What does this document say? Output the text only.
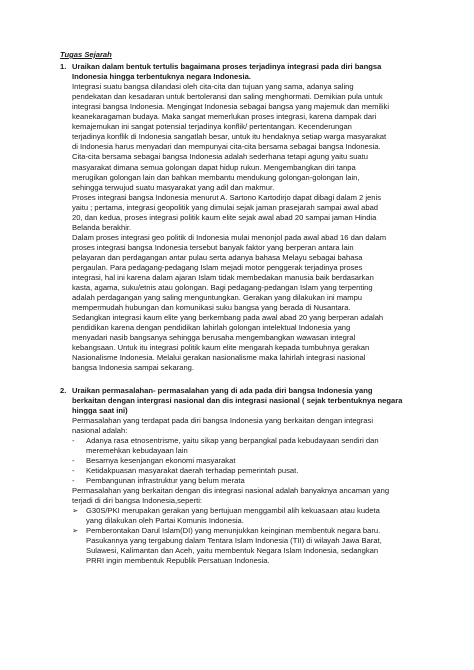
Tugas Sejarah
1. Uraikan dalam bentuk tertulis bagaimana proses terjadinya integrasi pada diri bangsa
Indonesia hingga terbentuknya negara Indonesia.
Integrasi suatu bangsa dilandasi oleh cita-cita dan tujuan yang sama, adanya saling
pendekatan dan kesadaran untuk bertoleransi dan saling menghormati. Demikian pula untuk
integrasi bangsa Indonesia. Mengingat Indonesia sebagai bangsa yang majemuk dan memiliki
keanekaragaman budaya. Maka sangat memerlukan proses integrasi, karena dampak dari
kemajemukan ini sangat potensial terjadinya konflik/ pertentangan. Kecenderungan
terjadinya konflik di Indonesia sangatlah besar, untuk itu hendaknya setiap warga masyarakat
di Indonesia harus menyadari dan mempunyai cita-cita bersama sebagai bangsa Indonesia.
Cita-cita bersama sebagai bangsa Indonesia adalah sederhana tetapi agung yaitu suatu
masyarakat dimana semua golongan dapat hidup rukun. Mengembangkan diri tanpa
merugikan golongan lain dan bahkan membantu mendukung golongan-golongan lain,
sehingga terwujud suatu masyarakat yang adil dan makmur.
Proses integrasi bangsa Indonesia menurut A. Sartono Kartodirjo dapat dibagi dalam 2 jenis
yaitu ; pertama, integrasi geopolitik yang dimulai sejak jaman prasejarah sampai awal abad
20, dan kedua, proses integrasi politik kaum elite sejak awal abad 20 sampai jaman Hindia
Belanda berakhir.
Dalam proses integrasi geo politik di Indonesia mulai menonjol pada awal abad 16 dan dalam
proses integrasi bangsa Indonesia tersebut banyak faktor yang berperan antara lain
pelayaran dan perdagangan antar pulau serta adanya bahasa Melayu sebagai bahasa
pergaulan. Para pedagang-pedagang Islam mejadi motor penggerak terjadinya proses
integrasi, hal ini karena dalam ajaran Islam tidak membedakan manusia baik berdasarkan
kasta, agama, suku/etnis atau golongan. Bagi pedagang-pedangan Islam yang terpenting
adalah perdagangan yang saling menguntungkan. Gerakan yang dilakukan ini mampu
mempermudah hubungan dan komunikasi suku bangsa yang berada di Nusantara.
Sedangkan integrasi kaum elite yang berkembang pada awal abad 20 yang berperan adalah
pendidikan karena dengan pendidikan lahirlah golongan intelektual Indonesia yang
menyadari nasib bangsanya sehingga berusaha mengembangkan wawasan integral
kebangsaan. Untuk itu integrasi politik kaum elite mengarah kepada tumbuhnya gerakan
Nasionalisme Indonesia. Melalui gerakan nasionalisme maka lahirlah integrasi nasional
bangsa Indonesia sampai sekarang.
2. Uraikan permasalahan- permasalahan yang di ada pada diri bangsa Indonesia yang
berkaitan dengan intergrasi nasional dan dis integrasi nasional ( sejak terbentuknya negara
hingga saat ini)
Permasalahan yang terdapat pada diri bangsa Indonesia yang berkaitan dengan integrasi
nasional adalah:
-	Adanya rasa etnosentrisme, yaitu sikap yang berpangkal pada kebudayaan sendiri dan
meremehkan kebudayaan lain
-	Besarnya kesenjangan ekonomi masyarakat
-	Ketidakpuasan masyarakat daerah terhadap pemerintah pusat.
-	Pembangunan infrastruktur yang belum merata
Permasalahan yang berkaitan dengan dis integrasi nasional adalah banyaknya ancaman yang
terjadi di diri bangsa Indonesia,seperti:
➢	G30S/PKI merupakan gerakan yang bertujuan menggambil alih kekuasaan atau kudeta
yang dilakukan oleh Partai Komunis Indonesia.
➢	Pemberontakan Darul Islam(DI) yang menunjukkan keinginan membentuk negara baru.
Pasukannya yang tergabung dalam Tentara Islam Indonesia (TII) di wilayah Jawa Barat,
Sulawesi, Kalimantan dan Aceh, yaitu membentuk Negara Islam Indonesia, sedangkan
PRRI ingin membentuk Republik Persatuan Indonesia.
